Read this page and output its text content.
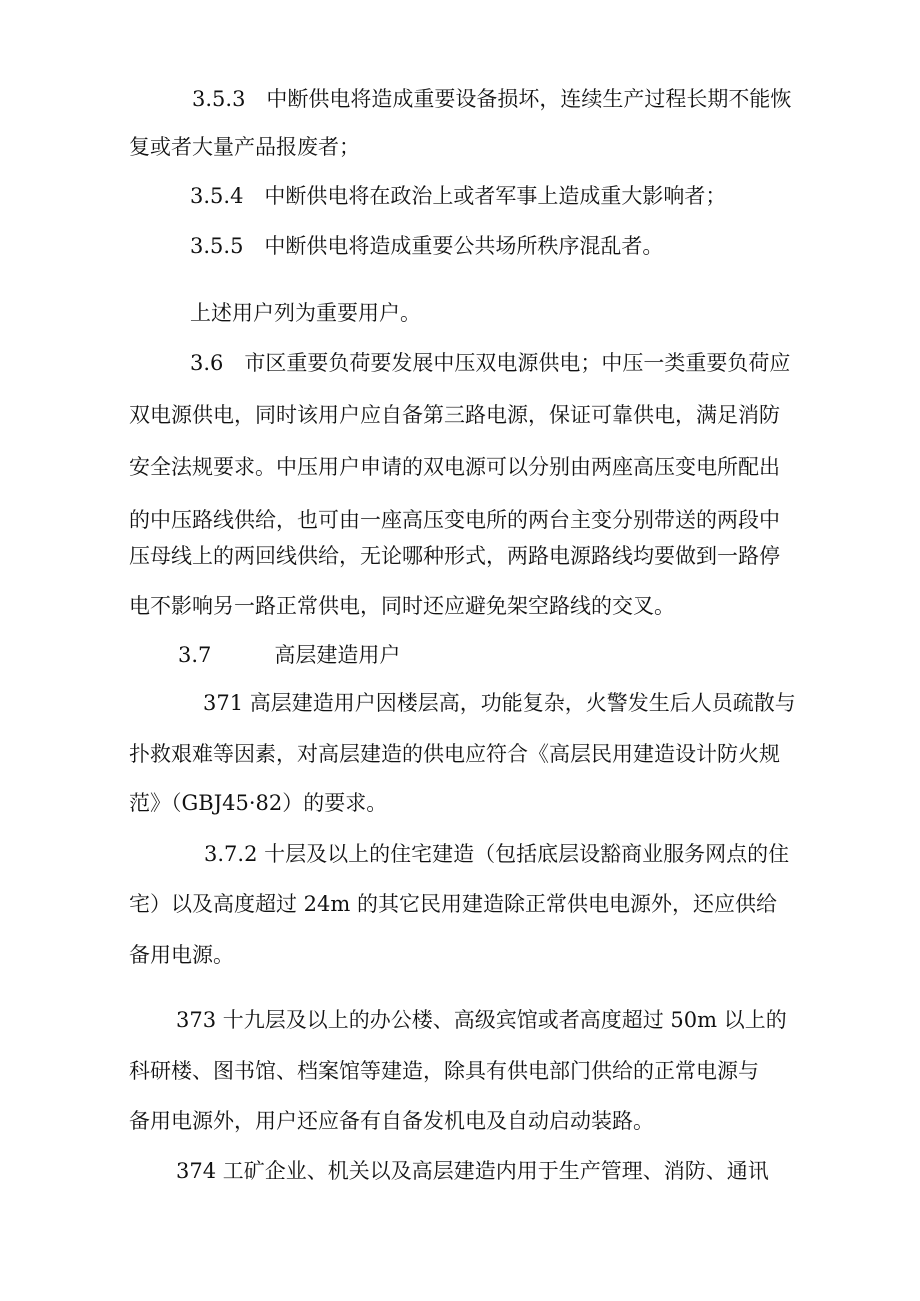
3.5.3　中断供电将造成重要设备损坏，连续生产过程长期不能恢

复或者大量产品报废者；

3.5.4　中断供电将在政治上或者军事上造成重大影响者；

3.5.5　中断供电将造成重要公共场所秩序混乱者。

上述用户列为重要用户。

3.6　市区重要负荷要发展中压双电源供电；中压一类重要负荷应

双电源供电，同时该用户应自备第三路电源，保证可靠供电，满足消防

安全法规要求。中压用户申请的双电源可以分别由两座高压变电所配出

的中压路线供给，也可由一座高压变电所的两台主变分别带送的两段中

压母线上的两回线供给，无论哪种形式，两路电源路线均要做到一路停

电不影响另一路正常供电，同时还应避免架空路线的交叉。

3.7　　　高层建造用户

371 高层建造用户因楼层高，功能复杂，火警发生后人员疏散与

扑救艰难等因素，对高层建造的供电应符合《高层民用建造设计防火规

范》（GBJ45·82）的要求。

3.7.2 十层及以上的住宅建造（包括底层设豁商业服务网点的住

宅）以及高度超过 24m 的其它民用建造除正常供电电源外，还应供给

备用电源。

373 十九层及以上的办公楼、高级宾馆或者高度超过 50m 以上的

科研楼、图书馆、档案馆等建造，除具有供电部门供给的正常电源与

备用电源外，用户还应备有自备发机电及自动启动装路。

374 工矿企业、机关以及高层建造内用于生产管理、消防、通讯
